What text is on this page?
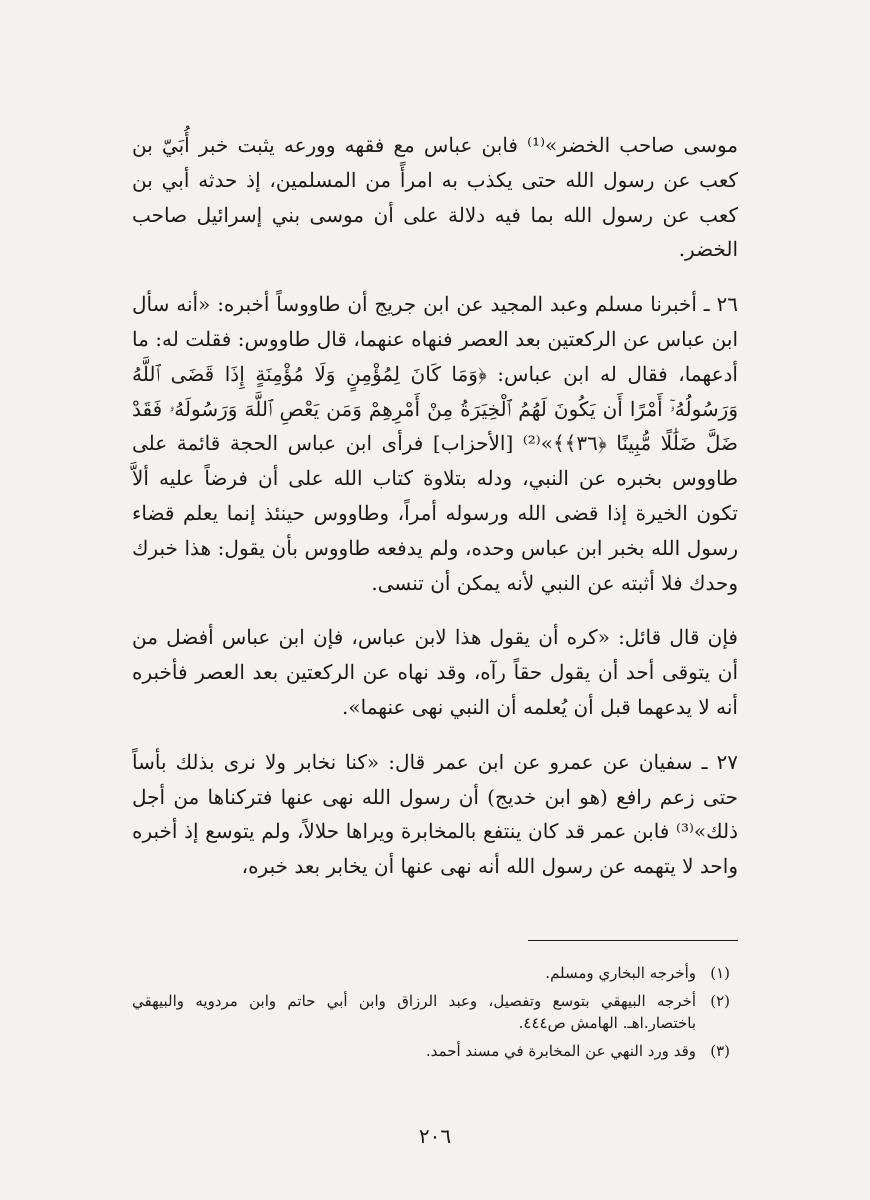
موسى صاحب الخضر»⁽¹⁾ فابن عباس مع فقهه وورعه يثبت خبر أُبَيّ بن كعب عن رسول الله حتى يكذب به امرأً من المسلمين، إذ حدثه أبي بن كعب عن رسول الله بما فيه دلالة على أن موسى بني إسرائيل صاحب الخضر.

٢٦ ـ أخبرنا مسلم وعبد المجيد عن ابن جريج أن طاووساً أخبره: «أنه سأل ابن عباس عن الركعتين بعد العصر فنهاه عنهما، قال طاووس: فقلت له: ما أدعهما، فقال له ابن عباس: ﴿وَمَا كَانَ لِمُؤْمِنٍ وَلَا مُؤْمِنَةٍ إِذَا قَضَى ٱللَّهُ وَرَسُولُهُۥٓ أَمْرًا أَن يَكُونَ لَهُمُ ٱلْخِيَرَةُ مِنْ أَمْرِهِمْ وَمَن يَعْصِ ٱللَّهَ وَرَسُولَهُۥ فَقَدْ ضَلَّ ضَلَٰلًا مُّبِينًا ﴿٣٦﴾﴾»⁽²⁾ [الأحزاب] فرأى ابن عباس الحجة قائمة على طاووس بخبره عن النبي، ودله بتلاوة كتاب الله على أن فرضاً عليه ألاَّ تكون الخيرة إذا قضى الله ورسوله أمراً، وطاووس حينئذ إنما يعلم قضاء رسول الله بخبر ابن عباس وحده، ولم يدفعه طاووس بأن يقول: هذا خبرك وحدك فلا أثبته عن النبي لأنه يمكن أن تنسى.

فإن قال قائل: «كره أن يقول هذا لابن عباس، فإن ابن عباس أفضل من أن يتوقى أحد أن يقول حقاً رآه، وقد نهاه عن الركعتين بعد العصر فأخبره أنه لا يدعهما قبل أن يُعلمه أن النبي نهى عنهما».

٢٧ ـ سفيان عن عمرو عن ابن عمر قال: «كنا نخابر ولا نرى بذلك بأساً حتى زعم رافع (هو ابن خديج) أن رسول الله نهى عنها فتركناها من أجل ذلك»⁽³⁾ فابن عمر قد كان ينتفع بالمخابرة ويراها حلالاً، ولم يتوسع إذ أخبره واحد لا يتهمه عن رسول الله أنه نهى عنها أن يخابر بعد خبره،

(١)
وأخرجه البخاري ومسلم.
(٢)
أخرجه البيهقي بتوسع وتفصيل، وعبد الرزاق وابن أبي حاتم وابن مردويه والبيهقي باختصار.اهـ. الهامش ص٤٤٤.
(٣)
وقد ورد النهي عن المخابرة في مسند أحمد.
٢٠٦
